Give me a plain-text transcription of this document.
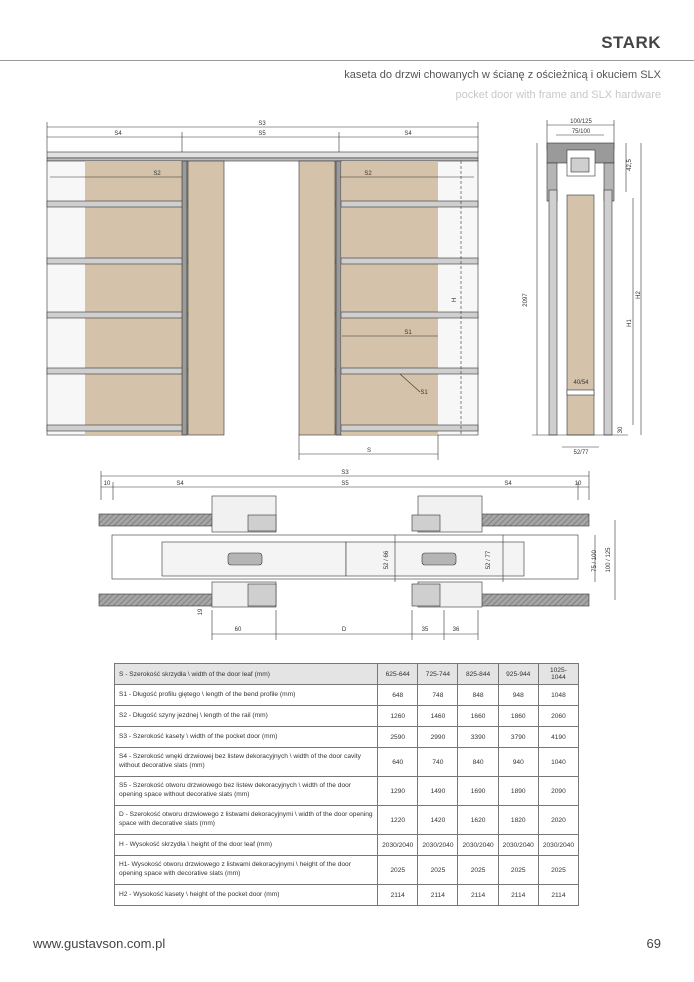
STARK
kaseta do drzwi chowanych w ścianę z ościeżnicą i okuciem SLX
pocket door with frame and SLX hardware
S3
S4	S5	S4
S2	S2
H
S1
S1
S
100/125
75/100
42,5
2097	H2
H1
40/54
30
52/77
S3
10	S4	S5	S4	10
52 / 66	52 / 77	75 / 100 100 / 125
19
60	D	35	36
S - Szerokość skrzydła \ width of the door leaf (mm)	625-644	725-744	825-844	925-944	1025-1044
S1 - Długość profilu giętego \ length of the bend profile (mm)	648	748	848	948	1048
S2 - Długość szyny jezdnej \ length of the rail (mm)	1260	1460	1660	1860	2060
S3 - Szerokość kasety \ width of the pocket door (mm)	2590	2990	3390	3790	4190
S4 - Szerokość wnęki drzwiowej bez listew dekoracyjnych \ width of the door cavity without decorative slats (mm)	640	740	840	940	1040
S5 - Szerokość otworu drzwiowego bez listew dekoracyjnych \ width of the door opening space without decorative slats (mm)	1290	1490	1690	1890	2090
D - Szerokość otworu drzwiowego z listwami dekoracyjnymi \ width of the door opening space with decorative slats (mm)	1220	1420	1620	1820	2020
H - Wysokość skrzydła \ height of the door leaf (mm)	2030/2040	2030/2040	2030/2040	2030/2040	2030/2040
H1- Wysokość otworu drzwiowego z listwami dekoracyjnymi \ height of the door opening space with decorative slats (mm)	2025	2025	2025	2025	2025
H2 - Wysokość kasety \ height of the pocket door (mm)	2114	2114	2114	2114	2114
www.gustavson.com.pl	69
